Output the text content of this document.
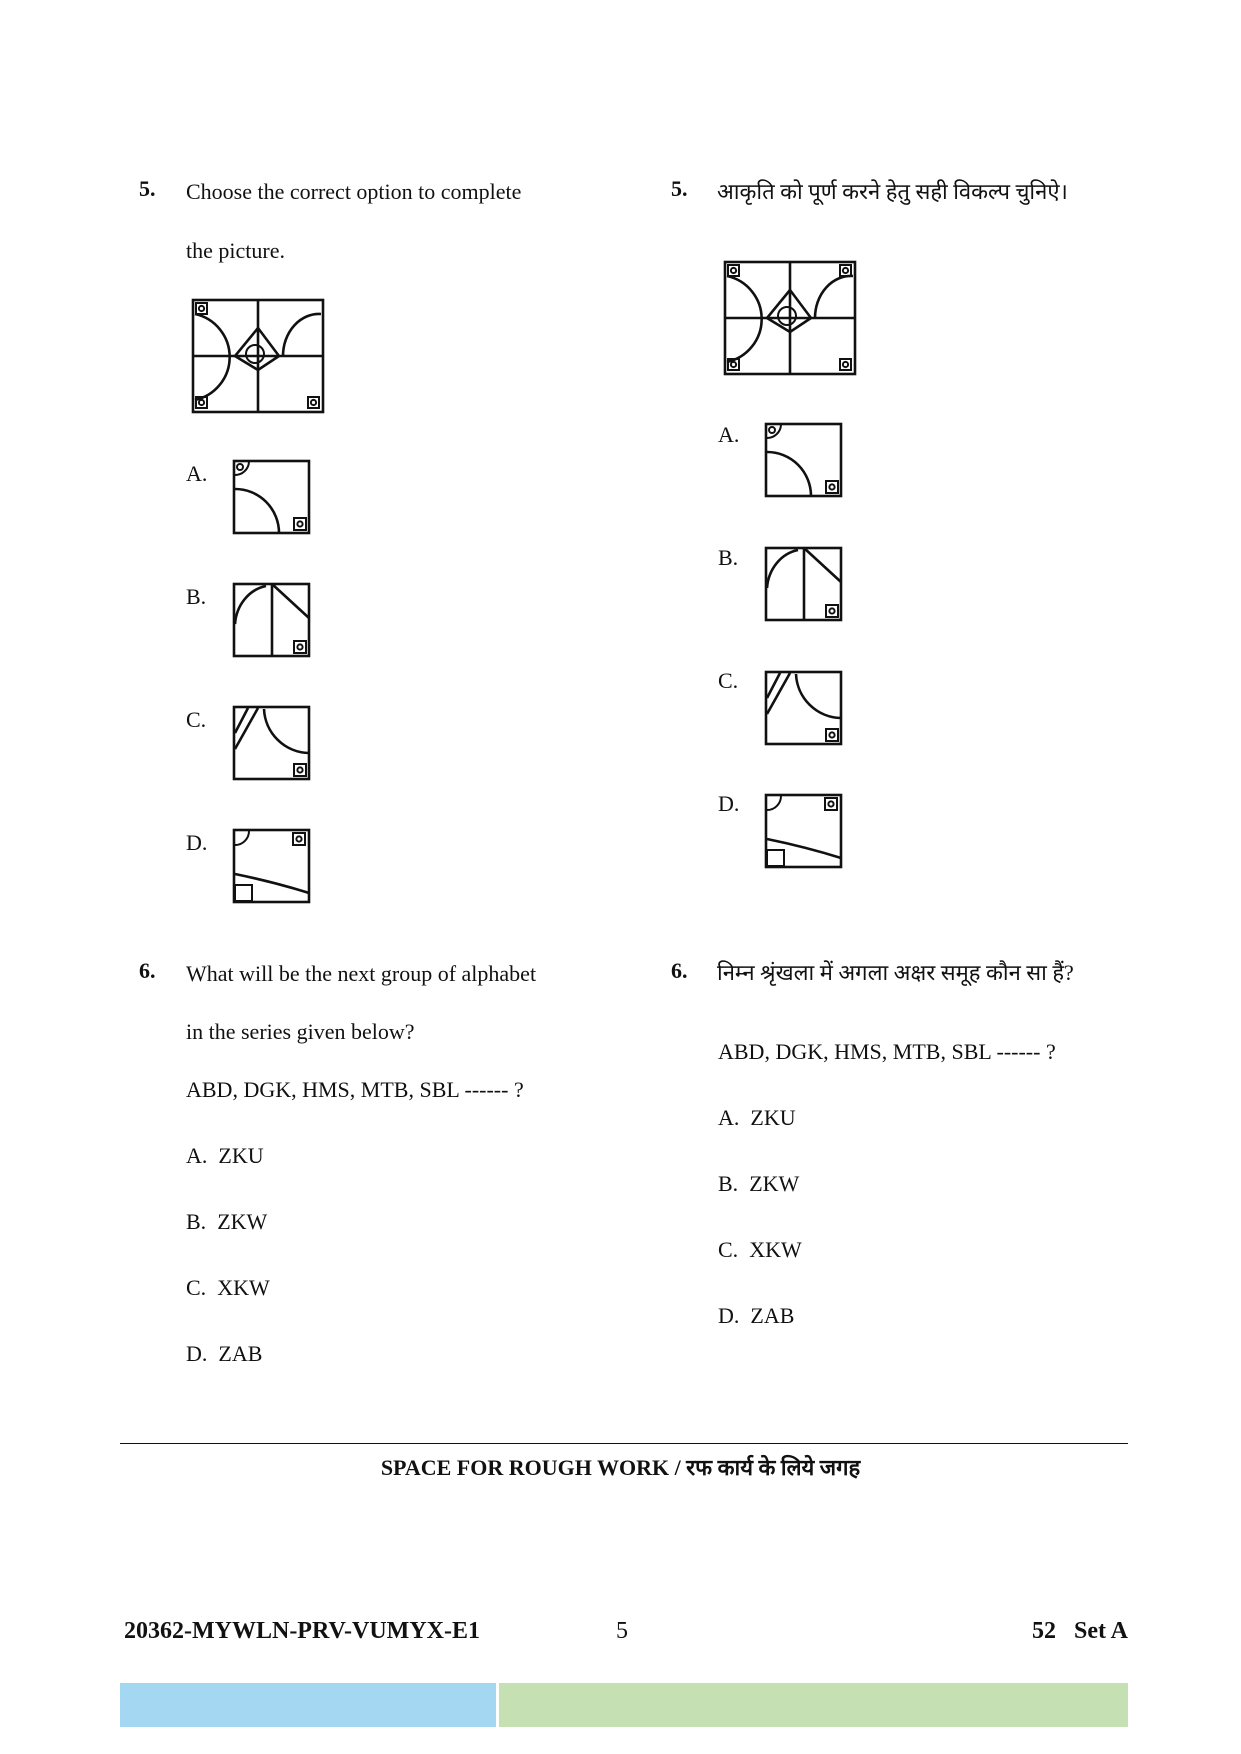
5. Choose the correct option to complete
the picture.
A.
B.
C.
D.
6. What will be the next group of alphabet
in the series given below?
ABD, DGK, HMS, MTB, SBL ------ ?
A. ZKU
B. ZKW
C. XKW
D. ZAB
5. आकृति को पूर्ण करने हेतु सही विकल्प चुनिऐ।
A.
B.
C.
D.
6. निम्न श्रृंखला में अगला अक्षर समूह कौन सा हैं?
ABD, DGK, HMS, MTB, SBL ------ ?
A. ZKU
B. ZKW
C. XKW
D. ZAB
SPACE FOR ROUGH WORK / रफ कार्य के लिये जगह
20362-MYWLN-PRV-VUMYX-E1	5	52   Set A
